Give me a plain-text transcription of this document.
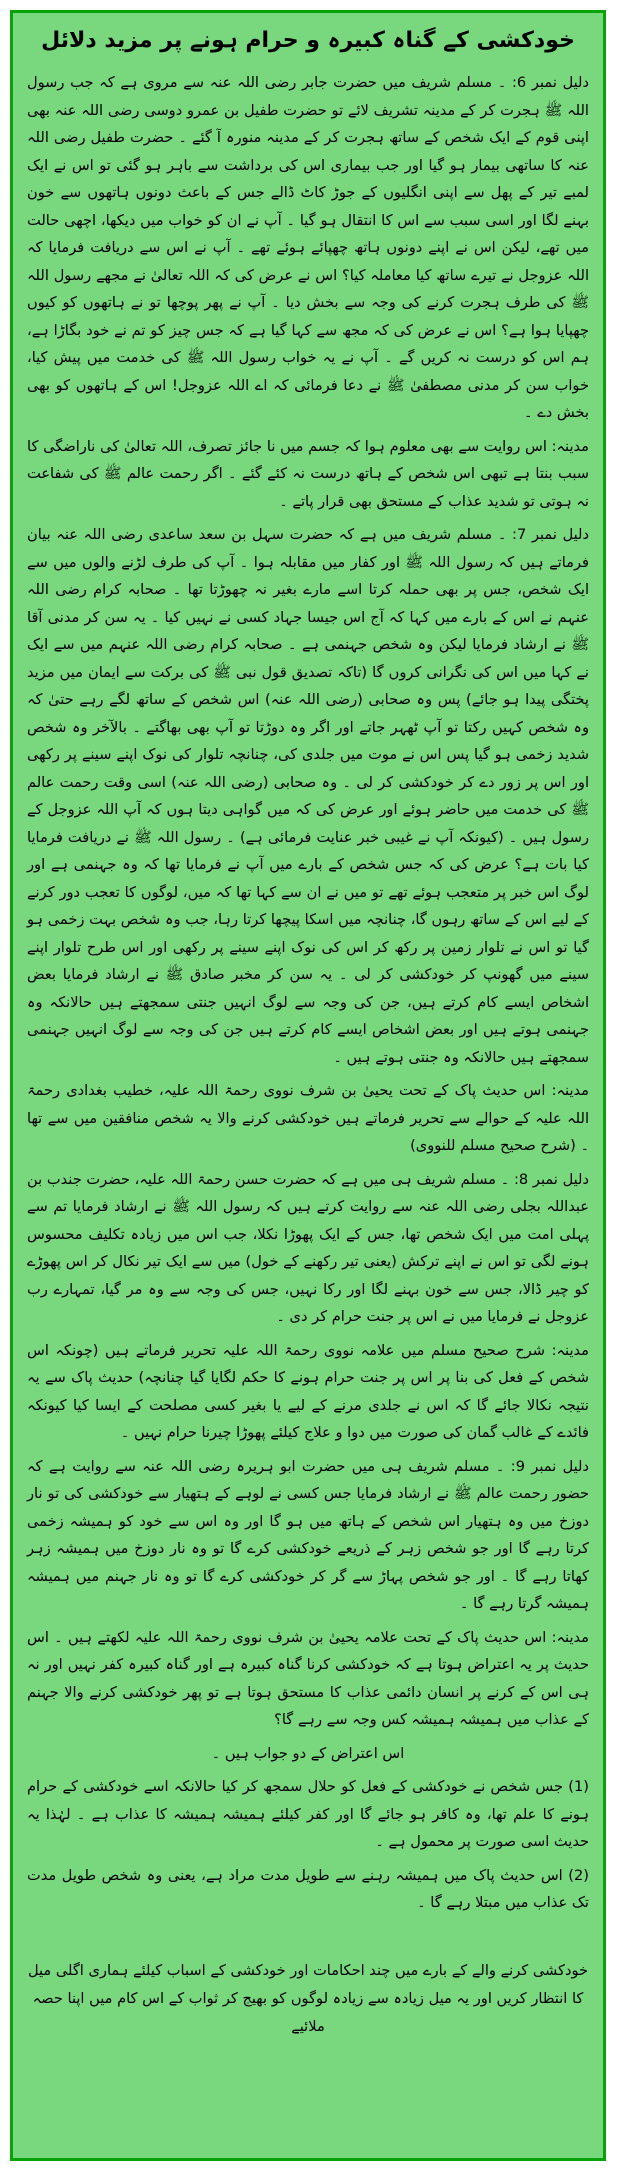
خودکشی کے گناہ کبیرہ و حرام ہونے پر مزید دلائل

دلیل نمبر 6: ۔ مسلم شریف میں حضرت جابر رضی اللہ عنہ سے مروی ہے کہ جب رسول اللہ ﷺ ہجرت کر کے مدینہ تشریف لائے تو حضرت طفیل بن عمرو دوسی رضی اللہ عنہ بھی اپنی قوم کے ایک شخص کے ساتھ ہجرت کر کے مدینہ منورہ آ گئے ۔ حضرت طفیل رضی اللہ عنہ کا ساتھی بیمار ہو گیا اور جب بیماری اس کی برداشت سے باہر ہو گئی تو اس نے ایک لمبے تیر کے پھل سے اپنی انگلیوں کے جوڑ کاٹ ڈالے جس کے باعث دونوں ہاتھوں سے خون بہنے لگا اور اسی سبب سے اس کا انتقال ہو گیا ۔ آپ نے ان کو خواب میں دیکھا، اچھی حالت میں تھے، لیکن اس نے اپنے دونوں ہاتھ چھپائے ہوئے تھے ۔ آپ نے اس سے دریافت فرمایا کہ اللہ عزوجل نے تیرے ساتھ کیا معاملہ کیا؟ اس نے عرض کی کہ اللہ تعالیٰ نے مجھے رسول اللہ ﷺ کی طرف ہجرت کرنے کی وجہ سے بخش دیا ۔ آپ نے پھر پوچھا تو نے ہاتھوں کو کیوں چھپایا ہوا ہے؟ اس نے عرض کی کہ مجھ سے کہا گیا ہے کہ جس چیز کو تم نے خود بگاڑا ہے، ہم اس کو درست نہ کریں گے ۔ آپ نے یہ خواب رسول اللہ ﷺ کی خدمت میں پیش کیا، خواب سن کر مدنی مصطفیٰ ﷺ نے دعا فرمائی کہ اے اللہ عزوجل! اس کے ہاتھوں کو بھی بخش دے ۔

مدینہ: اس روایت سے بھی معلوم ہوا کہ جسم میں نا جائز تصرف، اللہ تعالیٰ کی ناراضگی کا سبب بنتا ہے تبھی اس شخص کے ہاتھ درست نہ کئے گئے ۔ اگر رحمت عالم ﷺ کی شفاعت نہ ہوتی تو شدید عذاب کے مستحق بھی قرار پاتے ۔

دلیل نمبر 7: ۔ مسلم شریف میں ہے کہ حضرت سہل بن سعد ساعدی رضی اللہ عنہ بیان فرماتے ہیں کہ رسول اللہ ﷺ اور کفار میں مقابلہ ہوا ۔ آپ کی طرف لڑنے والوں میں سے ایک شخص، جس پر بھی حملہ کرتا اسے مارے بغیر نہ چھوڑتا تھا ۔ صحابہ کرام رضی اللہ عنہم نے اس کے بارے میں کہا کہ آج اس جیسا جہاد کسی نے نہیں کیا ۔ یہ سن کر مدنی آقا ﷺ نے ارشاد فرمایا لیکن وہ شخص جہنمی ہے ۔ صحابہ کرام رضی اللہ عنہم میں سے ایک نے کہا میں اس کی نگرانی کروں گا (تاکہ تصدیق قول نبی ﷺ کی برکت سے ایمان میں مزید پختگی پیدا ہو جائے) پس وہ صحابی (رضی اللہ عنہ) اس شخص کے ساتھ لگے رہے حتیٰ کہ وہ شخص کہیں رکتا تو آپ ٹھہر جاتے اور اگر وہ دوڑتا تو آپ بھی بھاگتے ۔ بالآخر وہ شخص شدید زخمی ہو گیا پس اس نے موت میں جلدی کی، چنانچہ تلوار کی نوک اپنے سینے پر رکھی اور اس پر زور دے کر خودکشی کر لی ۔ وہ صحابی (رضی اللہ عنہ) اسی وقت رحمت عالم ﷺ کی خدمت میں حاضر ہوئے اور عرض کی کہ میں گواہی دیتا ہوں کہ آپ اللہ عزوجل کے رسول ہیں ۔ (کیونکہ آپ نے غیبی خبر عنایت فرمائی ہے) ۔ رسول اللہ ﷺ نے دریافت فرمایا کیا بات ہے؟ عرض کی کہ جس شخص کے بارے میں آپ نے فرمایا تھا کہ وہ جہنمی ہے اور لوگ اس خبر پر متعجب ہوئے تھے تو میں نے ان سے کہا تھا کہ میں، لوگوں کا تعجب دور کرنے کے لیے اس کے ساتھ رہوں گا، چنانچہ میں اسکا پیچھا کرتا رہا، جب وہ شخص بہت زخمی ہو گیا تو اس نے تلوار زمین پر رکھ کر اس کی نوک اپنے سینے پر رکھی اور اس طرح تلوار اپنے سینے میں گھونپ کر خودکشی کر لی ۔ یہ سن کر مخبر صادق ﷺ نے ارشاد فرمایا بعض اشخاص ایسے کام کرتے ہیں، جن کی وجہ سے لوگ انہیں جنتی سمجھتے ہیں حالانکہ وہ جہنمی ہوتے ہیں اور بعض اشخاص ایسے کام کرتے ہیں جن کی وجہ سے لوگ انہیں جہنمی سمجھتے ہیں حالانکہ وہ جنتی ہوتے ہیں ۔

مدینہ: اس حدیث پاک کے تحت یحییٰ بن شرف نووی رحمۃ اللہ علیہ، خطیب بغدادی رحمۃ اللہ علیہ کے حوالے سے تحریر فرماتے ہیں خودکشی کرنے والا یہ شخص منافقین میں سے تھا ۔ (شرح صحیح مسلم للنووی)

دلیل نمبر 8: ۔ مسلم شریف ہی میں ہے کہ حضرت حسن رحمۃ اللہ علیہ، حضرت جندب بن عبداللہ بجلی رضی اللہ عنہ سے روایت کرتے ہیں کہ رسول اللہ ﷺ نے ارشاد فرمایا تم سے پہلی امت میں ایک شخص تھا، جس کے ایک پھوڑا نکلا، جب اس میں زیادہ تکلیف محسوس ہونے لگی تو اس نے اپنے ترکش (یعنی تیر رکھنے کے خول) میں سے ایک تیر نکال کر اس پھوڑے کو چیر ڈالا، جس سے خون بہنے لگا اور رکا نہیں، جس کی وجہ سے وہ مر گیا، تمہارے رب عزوجل نے فرمایا میں نے اس پر جنت حرام کر دی ۔

مدینہ: شرح صحیح مسلم میں علامہ نووی رحمۃ اللہ علیہ تحریر فرماتے ہیں (چونکہ اس شخص کے فعل کی بنا پر اس پر جنت حرام ہونے کا حکم لگایا گیا چنانچہ) حدیث پاک سے یہ نتیجہ نکالا جائے گا کہ اس نے جلدی مرنے کے لیے یا بغیر کسی مصلحت کے ایسا کیا کیونکہ فائدے کے غالب گمان کی صورت میں دوا و علاج کیلئے پھوڑا چیرنا حرام نہیں ۔

دلیل نمبر 9: ۔ مسلم شریف ہی میں حضرت ابو ہریرہ رضی اللہ عنہ سے روایت ہے کہ حضور رحمت عالم ﷺ نے ارشاد فرمایا جس کسی نے لوہے کے ہتھیار سے خودکشی کی تو نار دوزخ میں وہ ہتھیار اس شخص کے ہاتھ میں ہو گا اور وہ اس سے خود کو ہمیشہ زخمی کرتا رہے گا اور جو شخص زہر کے ذریعے خودکشی کرے گا تو وہ نار دوزخ میں ہمیشہ زہر کھاتا رہے گا ۔ اور جو شخص پہاڑ سے گر کر خودکشی کرے گا تو وہ نار جہنم میں ہمیشہ ہمیشہ گرتا رہے گا ۔

مدینہ: اس حدیث پاک کے تحت علامہ یحییٰ بن شرف نووی رحمۃ اللہ علیہ لکھتے ہیں ۔ اس حدیث پر یہ اعتراض ہوتا ہے کہ خودکشی کرنا گناہ کبیرہ ہے اور گناہ کبیرہ کفر نہیں اور نہ ہی اس کے کرنے پر انسان دائمی عذاب کا مستحق ہوتا ہے تو پھر خودکشی کرنے والا جہنم کے عذاب میں ہمیشہ ہمیشہ کس وجہ سے رہے گا؟

اس اعتراض کے دو جواب ہیں ۔

(1) جس شخص نے خودکشی کے فعل کو حلال سمجھ کر کیا حالانکہ اسے خودکشی کے حرام ہونے کا علم تھا، وہ کافر ہو جائے گا اور کفر کیلئے ہمیشہ ہمیشہ کا عذاب ہے ۔ لہٰذا یہ حدیث اسی صورت پر محمول ہے ۔

(2) اس حدیث پاک میں ہمیشہ رہنے سے طویل مدت مراد ہے، یعنی وہ شخص طویل مدت تک عذاب میں مبتلا رہے گا ۔

خودکشی کرنے والے کے بارے میں چند احکامات اور خودکشی کے اسباب کیلئے ہماری اگلی میل کا انتظار کریں اور یہ میل زیادہ سے زیادہ لوگوں کو بھیج کر ثواب کے اس کام میں اپنا حصہ ملائیے
